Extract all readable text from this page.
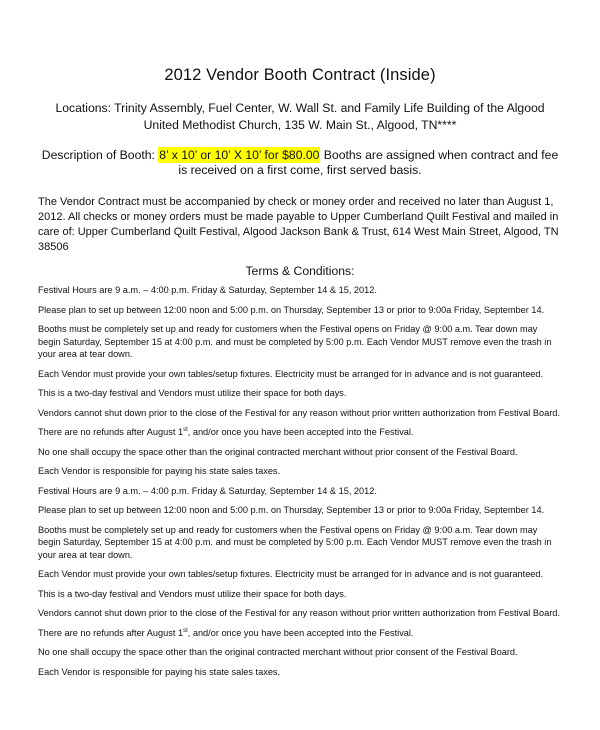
2012 Vendor Booth Contract (Inside)
Locations: Trinity Assembly, Fuel Center, W. Wall St. and Family Life Building of the Algood United Methodist Church, 135 W. Main St., Algood, TN****
Description of Booth: 8’ x 10’ or 10’ X 10’ for $80.00 Booths are assigned when contract and fee is received on a first come, first served basis.
The Vendor Contract must be accompanied by check or money order and received no later than August 1, 2012. All checks or money orders must be made payable to Upper Cumberland Quilt Festival and mailed in care of: Upper Cumberland Quilt Festival, Algood Jackson Bank & Trust, 614 West Main Street, Algood, TN 38506
Terms & Conditions:
Festival Hours are 9 a.m. – 4:00 p.m. Friday & Saturday, September 14 & 15, 2012.
Please plan to set up between 12:00 noon and 5:00 p.m. on Thursday, September 13 or prior to 9:00a Friday, September 14.
Booths must be completely set up and ready for customers when the Festival opens on Friday @ 9:00 a.m. Tear down may begin Saturday, September 15 at 4:00 p.m. and must be completed by 5:00 p.m. Each Vendor MUST remove even the trash in your area at tear down.
Each Vendor must provide your own tables/setup fixtures. Electricity must be arranged for in advance and is not guaranteed.
This is a two-day festival and Vendors must utilize their space for both days.
Vendors cannot shut down prior to the close of the Festival for any reason without prior written authorization from Festival Board.
There are no refunds after August 1st, and/or once you have been accepted into the Festival.
No one shall occupy the space other than the original contracted merchant without prior consent of the Festival Board.
Each Vendor is responsible for paying his state sales taxes.
Festival Hours are 9 a.m. – 4:00 p.m. Friday & Saturday, September 14 & 15, 2012.
Please plan to set up between 12:00 noon and 5:00 p.m. on Thursday, September 13 or prior to 9:00a Friday, September 14.
Booths must be completely set up and ready for customers when the Festival opens on Friday @ 9:00 a.m. Tear down may begin Saturday, September 15 at 4:00 p.m. and must be completed by 5:00 p.m. Each Vendor MUST remove even the trash in your area at tear down.
Each Vendor must provide your own tables/setup fixtures. Electricity must be arranged for in advance and is not guaranteed.
This is a two-day festival and Vendors must utilize their space for both days.
Vendors cannot shut down prior to the close of the Festival for any reason without prior written authorization from Festival Board.
There are no refunds after August 1st, and/or once you have been accepted into the Festival.
No one shall occupy the space other than the original contracted merchant without prior consent of the Festival Board.
Each Vendor is responsible for paying his state sales taxes.
